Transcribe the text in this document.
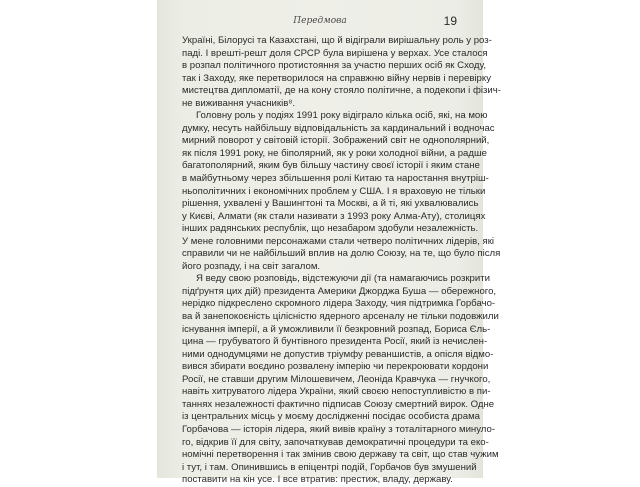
Передмова	19
Україні, Білорусі та Казахстані, що й відіграли вирішальну роль у роз-
паді. І врешті-решт доля СРСР була вирішена у верхах. Усе сталося
в розпал політичного протистояння за участю перших осіб як Сходу,
так і Заходу, яке перетворилося на справжню війну нервів і перевірку
мистецтва дипломатії, де на кону стояло політичне, а подекопи і фізич-
не виживання учасників⁸.
Головну роль у подіях 1991 року відіграло кілька осіб, які, на мою
думку, несуть найбільшу відповідальність за кардинальний і водночас
мирний поворот у світовій історії. Зображений світ не однополярний,
як після 1991 року, не біполярний, як у роки холодної війни, а радше
багатополярний, яким був більшу частину своєї історії і яким стане
в майбутньому через збільшення ролі Китаю та наростання внутріш-
ньополітичних і економічних проблем у США. І я враховую не тільки
рішення, ухвалені у Вашингтоні та Москві, а й ті, які ухвалювались
у Києві, Алмати (як стали називати з 1993 року Алма-Ату), столицях
інших радянських республік, що незабаром здобули незалежність.
У мене головними персонажами стали четверо політичних лідерів, які
справили чи не найбільший вплив на долю Союзу, на те, що було після
його розпаду, і на світ загалом.
Я веду свою розповідь, відстежуючи дії (та намагаючись розкрити
підґрунтя цих дій) президента Америки Джорджа Буша — обережного,
нерідко підкреслено скромного лідера Заходу, чия підтримка Горбачо-
ва й занепокоєність цілісністю ядерного арсеналу не тільки подовжили
існування імперії, а й уможливили її безкровний розпад, Бориса Єль-
цина — грубуватого й бунтівного президента Росії, який із нечислен-
ними однодумцями не допустив тріумфу реваншистів, а опісля відмо-
вився збирати воєдино розвалену імперію чи перекроювати кордони
Росії, не ставши другим Мілошевичем, Леоніда Кравчука — гнучкого,
навіть хитруватого лідера України, який своєю непоступливістю в пи-
таннях незалежності фактично підписав Союзу смертний вирок. Одне
із центральних місць у моєму дослідженні посідає особиста драма
Горбачова — історія лідера, який вивів країну з тоталітарного минуло-
го, відкрив її для світу, започаткував демократичні процедури та еко-
номічні перетворення і так змінив свою державу та світ, що став чужим
і тут, і там. Опинившись в епіцентрі подій, Горбачов був змушений
поставити на кін усе. І все втратив: престиж, владу, державу.
